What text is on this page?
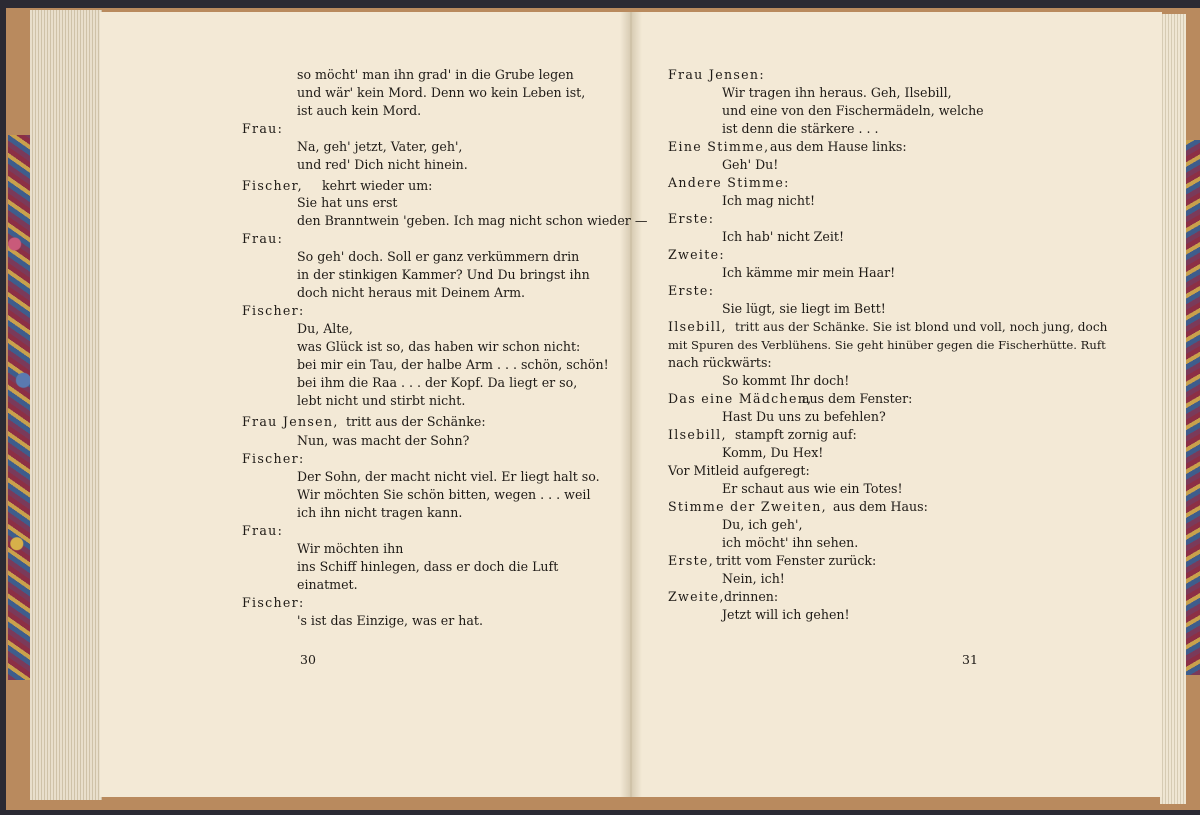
so möcht' man ihn grad' in die Grube legen
und wär' kein Mord. Denn wo kein Leben ist,
ist auch kein Mord.
Frau:
Na, geh' jetzt, Vater, geh',
und red' Dich nicht hinein.
Fischer, kehrt wieder um:
Sie hat uns erst
den Branntwein 'geben. Ich mag nicht schon wieder —
Frau:
So geh' doch. Soll er ganz verkümmern drin
in der stinkigen Kammer? Und Du bringst ihn
doch nicht heraus mit Deinem Arm.
Fischer:
Du, Alte,
was Glück ist so, das haben wir schon nicht:
bei mir ein Tau, der halbe Arm . . . schön, schön!
bei ihm die Raa . . . der Kopf. Da liegt er so,
lebt nicht und stirbt nicht.
Frau Jensen, tritt aus der Schänke:
Nun, was macht der Sohn?
Fischer:
Der Sohn, der macht nicht viel. Er liegt halt so.
Wir möchten Sie schön bitten, wegen . . . weil
ich ihn nicht tragen kann.
Frau:
Wir möchten ihn
ins Schiff hinlegen, dass er doch die Luft
einatmet.
Fischer:
's ist das Einzige, was er hat.
30
Frau Jensen:
Wir tragen ihn heraus. Geh, Ilsebill,
und eine von den Fischermädeln, welche
ist denn die stärkere . . .
Eine Stimme, aus dem Hause links:
Geh' Du!
Andere Stimme:
Ich mag nicht!
Erste:
Ich hab' nicht Zeit!
Zweite:
Ich kämme mir mein Haar!
Erste:
Sie lügt, sie liegt im Bett!
Ilsebill, tritt aus der Schänke. Sie ist blond und voll, noch jung, doch
mit Spuren des Verblühens. Sie geht hinüber gegen die Fischerhütte. Ruft
nach rückwärts:
So kommt Ihr doch!
Das eine Mädchen,
aus dem Fenster:
Hast Du uns zu befehlen?
Ilsebill, stampft zornig auf:
Komm, Du Hex!
Vor Mitleid aufgeregt:
Er schaut aus wie ein Totes!
Stimme der Zweiten, aus dem Haus:
Du, ich geh',
ich möcht' ihn sehen.
Erste, tritt vom Fenster zurück:
Nein, ich!
Zweite, drinnen:
Jetzt will ich gehen!
31
